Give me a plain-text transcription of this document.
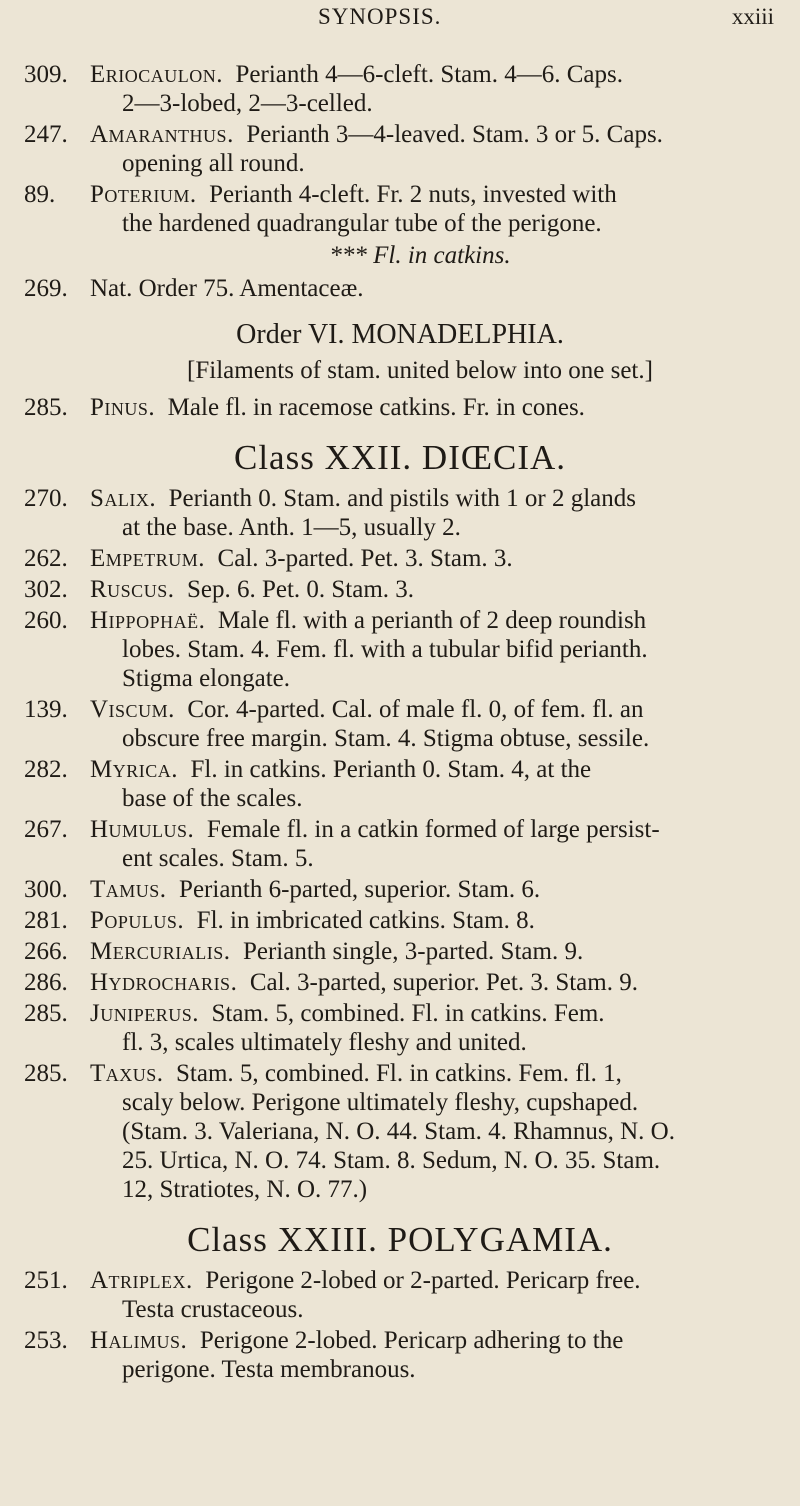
SYNOPSIS.	xxiii
309. Eriocaulon. Perianth 4—6-cleft. Stam. 4—6. Caps.
2—3-lobed, 2—3-celled.
247. Amaranthus. Perianth 3—4-leaved. Stam. 3 or 5. Caps.
opening all round.
89.	Poterium. Perianth 4-cleft. Fr. 2 nuts, invested with
the hardened quadrangular tube of the perigone.
*** Fl. in catkins.
269. Nat. Order 75. Amentaceæ.
Order VI. MONADELPHIA.
[Filaments of stam. united below into one set.]
285. Pinus. Male fl. in racemose catkins. Fr. in cones.
Class XXII. DIŒCIA.
270. Salix. Perianth 0. Stam. and pistils with 1 or 2 glands
at the base. Anth. 1—5, usually 2.
262. Empetrum. Cal. 3-parted. Pet. 3. Stam. 3.
302. Ruscus. Sep. 6. Pet. 0. Stam. 3.
260. Hippophaë. Male fl. with a perianth of 2 deep roundish
lobes. Stam. 4. Fem. fl. with a tubular bifid perianth.
Stigma elongate.
139. Viscum. Cor. 4-parted. Cal. of male fl. 0, of fem. fl. an
obscure free margin. Stam. 4. Stigma obtuse, sessile.
282. Myrica. Fl. in catkins. Perianth 0. Stam. 4, at the
base of the scales.
267. Humulus. Female fl. in a catkin formed of large persist-
ent scales. Stam. 5.
300. Tamus. Perianth 6-parted, superior. Stam. 6.
281. Populus. Fl. in imbricated catkins. Stam. 8.
266. Mercurialis. Perianth single, 3-parted. Stam. 9.
286. Hydrocharis. Cal. 3-parted, superior. Pet. 3. Stam. 9.
285. Juniperus. Stam. 5, combined. Fl. in catkins. Fem.
fl. 3, scales ultimately fleshy and united.
285. Taxus. Stam. 5, combined. Fl. in catkins. Fem. fl. 1,
scaly below. Perigone ultimately fleshy, cupshaped.
(Stam. 3. Valeriana, N. O. 44. Stam. 4. Rhamnus, N. O.
25. Urtica, N. O. 74. Stam. 8. Sedum, N. O. 35. Stam.
12, Stratiotes, N. O. 77.)
Class XXIII. POLYGAMIA.
251. Atriplex. Perigone 2-lobed or 2-parted. Pericarp free.
Testa crustaceous.
253. Halimus. Perigone 2-lobed. Pericarp adhering to the
perigone. Testa membranous.
